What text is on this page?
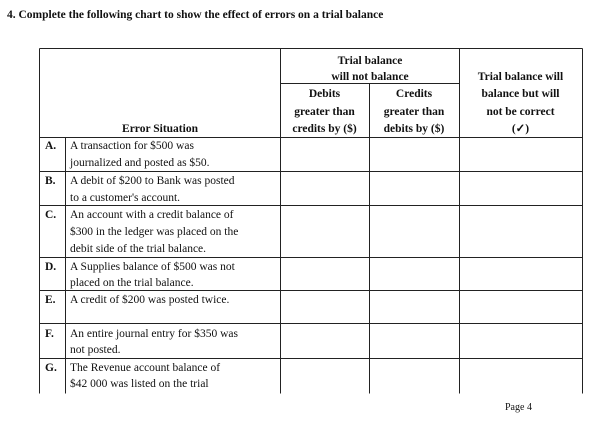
4. Complete the following chart to show the effect of errors on a trial balance
Error Situation
Trial balance
will not balance
Debits
greater than
credits by ($)
Credits
greater than
debits by ($)
Trial balance will
balance but will
not be correct
(✓)
A. A transaction for $500 was
journalized and posted as $50.
B. A debit of $200 to Bank was posted
to a customer's account.
C. An account with a credit balance of
$300 in the ledger was placed on the
debit side of the trial balance.
D. A Supplies balance of $500 was not
placed on the trial balance.
E. A credit of $200 was posted twice.
F. An entire journal entry for $350 was
not posted.
G. The Revenue account balance of
$42 000 was listed on the trial
Page 4
